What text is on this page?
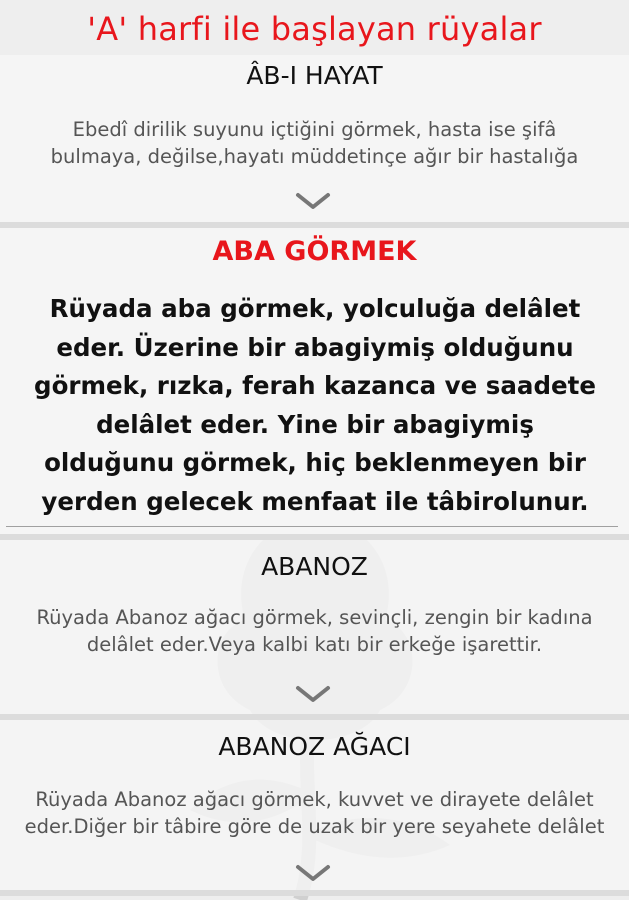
'A' harfi ile başlayan rüyalar
ÂB-I HAYAT
Ebedî dirilik suyunu içtiğini görmek, hasta ise şifâ
bulmaya, değilse,hayatı müddetinçe ağır bir hastalığa
ABA GÖRMEK
Rüyada aba görmek, yolculuğa delâlet
eder. Üzerine bir abagiymiş olduğunu
görmek, rızka, ferah kazanca ve saadete
delâlet eder. Yine bir abagiymiş
olduğunu görmek, hiç beklenmeyen bir
yerden gelecek menfaat ile tâbirolunur.
ABANOZ
Rüyada Abanoz ağacı görmek, sevinçli, zengin bir kadına
delâlet eder.Veya kalbi katı bir erkeğe işarettir.
ABANOZ AĞACI
Rüyada Abanoz ağacı görmek, kuvvet ve dirayete delâlet
eder.Diğer bir tâbire göre de uzak bir yere seyahete delâlet
